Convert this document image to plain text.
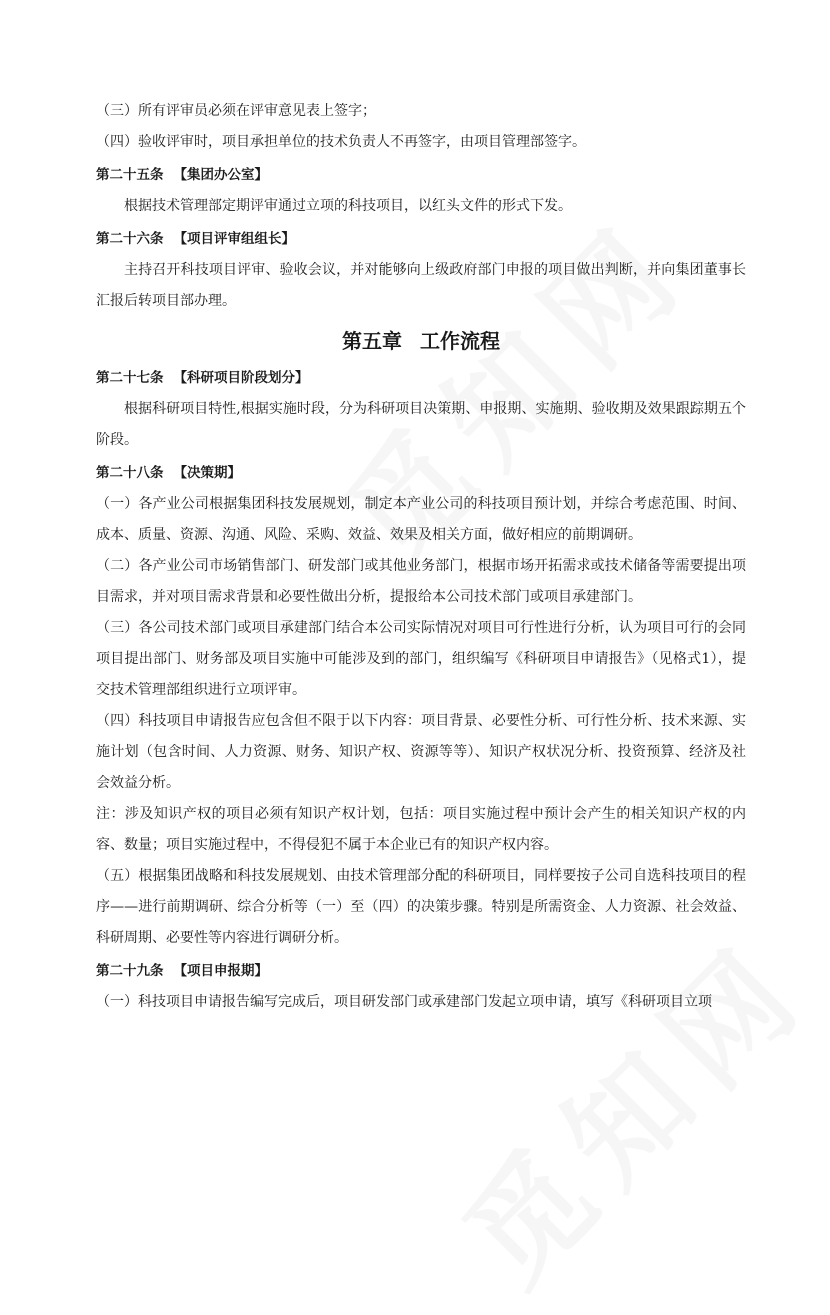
（三）所有评审员必须在评审意见表上签字；

（四）验收评审时，项目承担单位的技术负责人不再签字，由项目管理部签字。

第二十五条 【集团办公室】

根据技术管理部定期评审通过立项的科技项目，以红头文件的形式下发。

第二十六条 【项目评审组组长】

主持召开科技项目评审、验收会议，并对能够向上级政府部门申报的项目做出判断，并向集团董事长汇报后转项目部办理。

第五章 工作流程

第二十七条 【科研项目阶段划分】

根据科研项目特性,根据实施时段，分为科研项目决策期、申报期、实施期、验收期及效果跟踪期五个阶段。

第二十八条 【决策期】

（一）各产业公司根据集团科技发展规划，制定本产业公司的科技项目预计划，并综合考虑范围、时间、成本、质量、资源、沟通、风险、采购、效益、效果及相关方面，做好相应的前期调研。

（二）各产业公司市场销售部门、研发部门或其他业务部门，根据市场开拓需求或技术储备等需要提出项目需求，并对项目需求背景和必要性做出分析，提报给本公司技术部门或项目承建部门。

（三）各公司技术部门或项目承建部门结合本公司实际情况对项目可行性进行分析，认为项目可行的会同项目提出部门、财务部及项目实施中可能涉及到的部门，组织编写《科研项目申请报告》（见格式1），提交技术管理部组织进行立项评审。

（四）科技项目申请报告应包含但不限于以下内容：项目背景、必要性分析、可行性分析、技术来源、实施计划（包含时间、人力资源、财务、知识产权、资源等等）、知识产权状况分析、投资预算、经济及社会效益分析。

注：涉及知识产权的项目必须有知识产权计划，包括：项目实施过程中预计会产生的相关知识产权的内容、数量；项目实施过程中，不得侵犯不属于本企业已有的知识产权内容。

（五）根据集团战略和科技发展规划、由技术管理部分配的科研项目，同样要按子公司自选科技项目的程序——进行前期调研、综合分析等（一）至（四）的决策步骤。特别是所需资金、人力资源、社会效益、科研周期、必要性等内容进行调研分析。

第二十九条 【项目申报期】

（一）科技项目申请报告编写完成后，项目研发部门或承建部门发起立项申请，填写《科研项目立项
